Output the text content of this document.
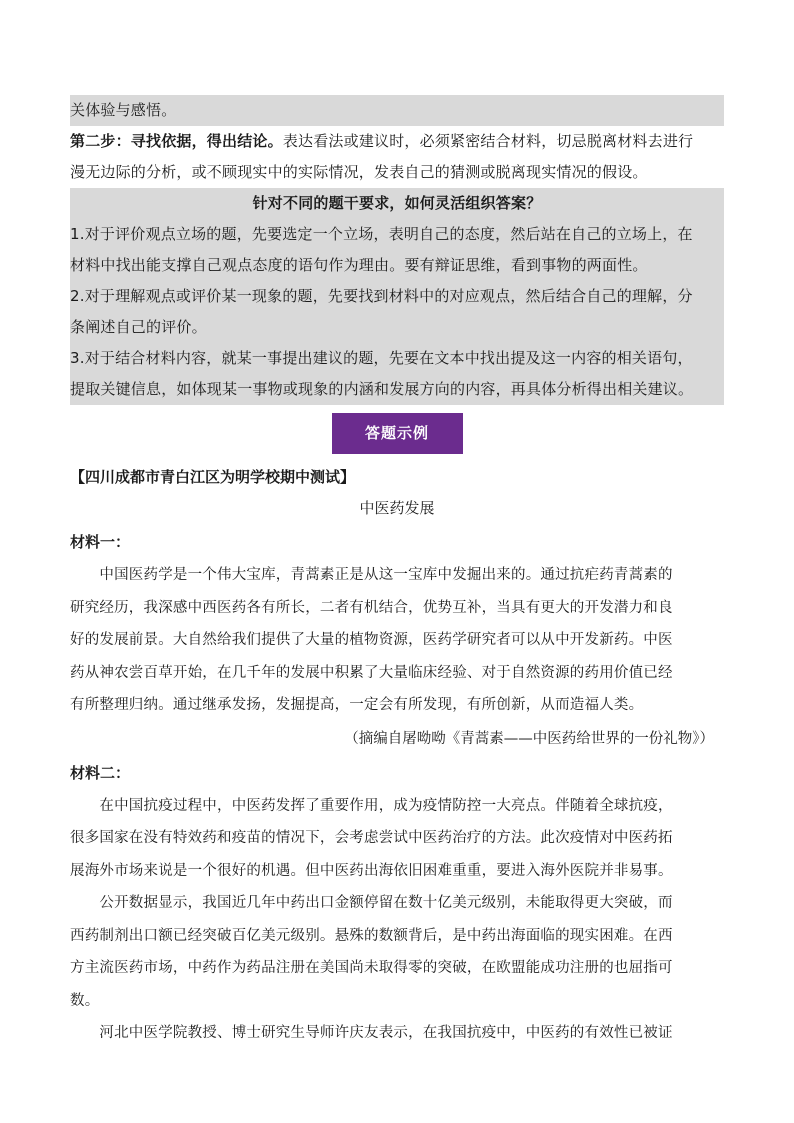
关体验与感悟。
第二步：寻找依据，得出结论。表达看法或建议时，必须紧密结合材料，切忌脱离材料去进行
漫无边际的分析，或不顾现实中的实际情况，发表自己的猜测或脱离现实情况的假设。
针对不同的题干要求，如何灵活组织答案？
1.对于评价观点立场的题，先要选定一个立场，表明自己的态度，然后站在自己的立场上，在
材料中找出能支撑自己观点态度的语句作为理由。要有辩证思维，看到事物的两面性。
2.对于理解观点或评价某一现象的题，先要找到材料中的对应观点，然后结合自己的理解，分
条阐述自己的评价。
3.对于结合材料内容，就某一事提出建议的题，先要在文本中找出提及这一内容的相关语句，
提取关键信息，如体现某一事物或现象的内涵和发展方向的内容，再具体分析得出相关建议。
答题示例
【四川成都市青白江区为明学校期中测试】
中医药发展
材料一：
　　中国医药学是一个伟大宝库，青蒿素正是从这一宝库中发掘出来的。通过抗疟药青蒿素的
研究经历，我深感中西医药各有所长，二者有机结合，优势互补，当具有更大的开发潜力和良
好的发展前景。大自然给我们提供了大量的植物资源，医药学研究者可以从中开发新药。中医
药从神农尝百草开始，在几千年的发展中积累了大量临床经验、对于自然资源的药用价值已经
有所整理归纳。通过继承发扬，发掘提高，一定会有所发现，有所创新，从而造福人类。
（摘编自屠呦呦《青蒿素——中医药给世界的一份礼物》）
材料二：
　　在中国抗疫过程中，中医药发挥了重要作用，成为疫情防控一大亮点。伴随着全球抗疫，
很多国家在没有特效药和疫苗的情况下，会考虑尝试中医药治疗的方法。此次疫情对中医药拓
展海外市场来说是一个很好的机遇。但中医药出海依旧困难重重，要进入海外医院并非易事。
　　公开数据显示，我国近几年中药出口金额停留在数十亿美元级别，未能取得更大突破，而
西药制剂出口额已经突破百亿美元级别。悬殊的数额背后，是中药出海面临的现实困难。在西
方主流医药市场，中药作为药品注册在美国尚未取得零的突破，在欧盟能成功注册的也屈指可
数。
　　河北中医学院教授、博士研究生导师许庆友表示，在我国抗疫中，中医药的有效性已被证
